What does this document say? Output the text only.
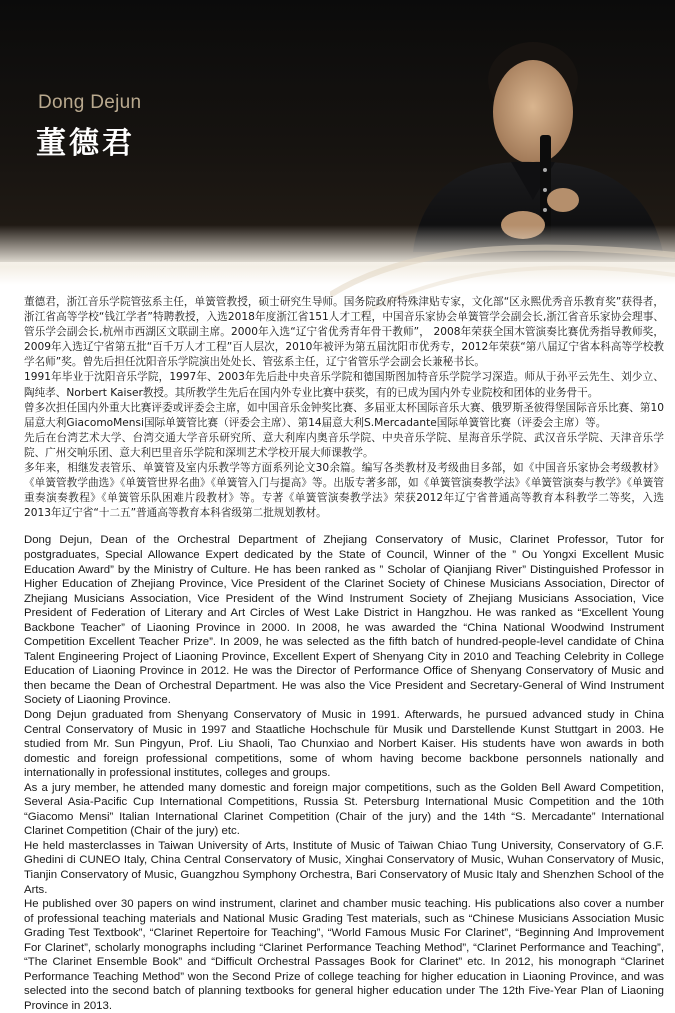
Dong Dejun
董德君

董德君，浙江音乐学院管弦系主任，单簧管教授，硕士研究生导师。国务院政府特殊津贴专家，文化部“区永熙优秀音乐教育奖”获得者，浙江省高等学校“钱江学者”特聘教授，入选2018年度浙江省151人才工程，中国音乐家协会单簧管学会副会长,浙江省音乐家协会理事、管乐学会副会长,杭州市西湖区文联副主席。2000年入选“辽宁省优秀青年骨干教师”， 2008年荣获全国木管演奏比赛优秀指导教师奖，2009年入选辽宁省第五批“百千万人才工程”百人层次，2010年被评为第五届沈阳市优秀专，2012年荣获“第八届辽宁省本科高等学校教学名师”奖。曾先后担任沈阳音乐学院演出处处长、管弦系主任，辽宁省管乐学会副会长兼秘书长。

1991年毕业于沈阳音乐学院，1997年、2003年先后赴中央音乐学院和德国斯图加特音乐学院学习深造。师从于孙平云先生、刘少立、陶纯孝、Norbert Kaiser教授。其所教学生先后在国内外专业比赛中获奖，有的已成为国内外专业院校和团体的业务骨干。

曾多次担任国内外重大比赛评委或评委会主席，如中国音乐金钟奖比赛、多届亚太杯国际音乐大赛、俄罗斯圣彼得堡国际音乐比赛、第10届意大利GiacomoMensi国际单簧管比赛（评委会主席）、第14届意大利S.Mercadante国际单簧管比赛（评委会主席）等。

先后在台湾艺术大学、台湾交通大学音乐研究所、意大利库内奥音乐学院、中央音乐学院、星海音乐学院、武汉音乐学院、天津音乐学院、广州交响乐团、意大利巴里音乐学院和深圳艺术学校开展大师课教学。

多年来，相继发表管乐、单簧管及室内乐教学等方面系列论文30余篇。编写各类教材及考级曲目多部，如《中国音乐家协会考级教材》《单簧管教学曲选》《单簧管世界名曲》《单簧管入门与提高》等。出版专著多部，如《单簧管演奏教学法》《单簧管演奏与教学》《单簧管重奏演奏教程》《单簧管乐队困难片段教材》等。专著《单簧管演奏教学法》荣获2012年辽宁省普通高等教育本科教学二等奖，入选2013年辽宁省“十二五”普通高等教育本科省级第二批规划教材。

Dong Dejun, Dean of the Orchestral Department of Zhejiang Conservatory of Music, Clarinet Professor, Tutor for postgraduates, Special Allowance Expert dedicated by the State of Council, Winner of the ” Ou Yongxi Excellent Music Education Award” by the Ministry of Culture. He has been ranked as ” Scholar of Qianjiang River” Distinguished Professor in Higher Education of Zhejiang Province, Vice President of the Clarinet Society of Chinese Musicians Association, Director of Zhejiang Musicians Association, Vice President of the Wind Instrument Society of Zhejiang Musicians Association, Vice President of Federation of Literary and Art Circles of West Lake District in Hangzhou. He was ranked as “Excellent Young Backbone Teacher” of Liaoning Province in 2000. In 2008, he was awarded the “China National Woodwind Instrument Competition Excellent Teacher Prize”. In 2009, he was selected as the fifth batch of hundred-people-level candidate of China Talent Engineering Project of Liaoning Province, Excellent Expert of Shenyang City in 2010 and Teaching Celebrity in College Education of Liaoning Province in 2012. He was the Director of Performance Office of Shenyang Conservatory of Music and then became the Dean of Orchestral Department. He was also the Vice President and Secretary-General of Wind Instrument Society of Liaoning Province.

Dong Dejun graduated from Shenyang Conservatory of Music in 1991. Afterwards, he pursued advanced study in China Central Conservatory of Music in 1997 and Staatliche Hochschule für Musik und Darstellende Kunst Stuttgart in 2003. He studied from Mr. Sun Pingyun, Prof. Liu Shaoli, Tao Chunxiao and Norbert Kaiser. His students have won awards in both domestic and foreign professional competitions, some of whom having become backbone personnels nationally and internationally in professional institutes, colleges and groups.

As a jury member, he attended many domestic and foreign major competitions, such as the Golden Bell Award Competition, Several Asia-Pacific Cup International Competitions, Russia St. Petersburg International Music Competition and the 10th “Giacomo Mensi” Italian International Clarinet Competition (Chair of the jury) and the 14th “S. Mercadante” International Clarinet Competition (Chair of the jury) etc.

He held masterclasses in Taiwan University of Arts, Institute of Music of Taiwan Chiao Tung University, Conservatory of G.F. Ghedini di CUNEO Italy, China Central Conservatory of Music, Xinghai Conservatory of Music, Wuhan Conservatory of Music, Tianjin Conservatory of Music, Guangzhou Symphony Orchestra, Bari Conservatory of Music Italy and Shenzhen School of the Arts.

He published over 30 papers on wind instrument, clarinet and chamber music teaching. His publications also cover a number of professional teaching materials and National Music Grading Test materials, such as “Chinese Musicians Association Music Grading Test Textbook”, “Clarinet Repertoire for Teaching”, “World Famous Music For Clarinet”, “Beginning And Improvement For Clarinet”, scholarly monographs including “Clarinet Performance Teaching Method”, “Clarinet Performance and Teaching”, “The Clarinet Ensemble Book” and “Difficult Orchestral Passages Book for Clarinet” etc. In 2012, his monograph “Clarinet Performance Teaching Method” won the Second Prize of college teaching for higher education in Liaoning Province, and was selected into the second batch of planning textbooks for general higher education under The 12th Five-Year Plan of Liaoning Province in 2013.
